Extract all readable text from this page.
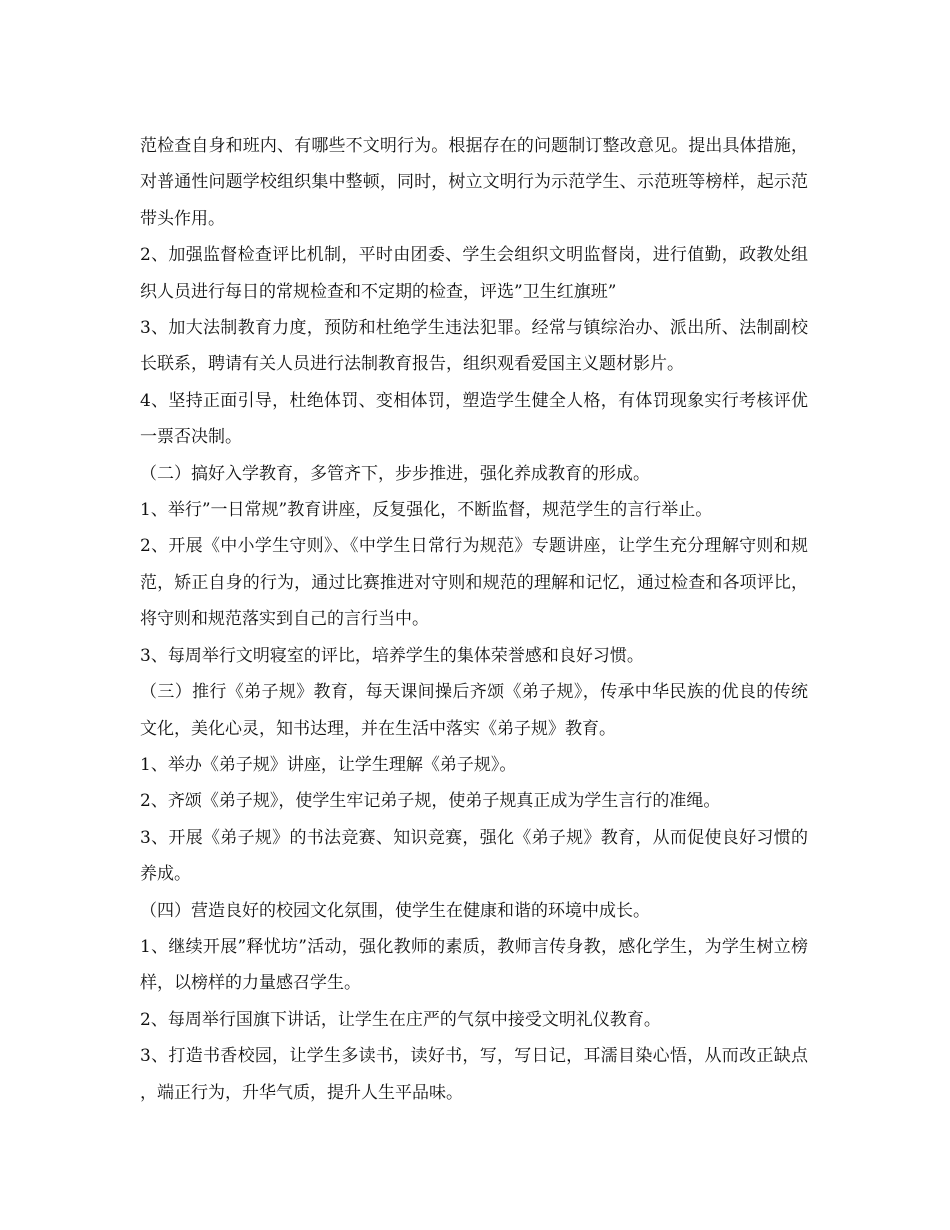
范检查自身和班内、有哪些不文明行为。根据存在的问题制订整改意见。提出具体措施，对普通性问题学校组织集中整顿，同时，树立文明行为示范学生、示范班等榜样，起示范带头作用。

2、加强监督检查评比机制，平时由团委、学生会组织文明监督岗，进行值勤，政教处组织人员进行每日的常规检查和不定期的检查，评选”卫生红旗班”

3、加大法制教育力度，预防和杜绝学生违法犯罪。经常与镇综治办、派出所、法制副校长联系，聘请有关人员进行法制教育报告，组织观看爱国主义题材影片。

4、坚持正面引导，杜绝体罚、变相体罚，塑造学生健全人格，有体罚现象实行考核评优一票否决制。

（二）搞好入学教育，多管齐下，步步推进，强化养成教育的形成。

1、举行”一日常规”教育讲座，反复强化，不断监督，规范学生的言行举止。

2、开展《中小学生守则》、《中学生日常行为规范》专题讲座，让学生充分理解守则和规范，矫正自身的行为，通过比赛推进对守则和规范的理解和记忆，通过检查和各项评比，将守则和规范落实到自己的言行当中。

3、每周举行文明寝室的评比，培养学生的集体荣誉感和良好习惯。

（三）推行《弟子规》教育，每天课间操后齐颂《弟子规》，传承中华民族的优良的传统文化，美化心灵，知书达理，并在生活中落实《弟子规》教育。

1、举办《弟子规》讲座，让学生理解《弟子规》。

2、齐颂《弟子规》，使学生牢记弟子规，使弟子规真正成为学生言行的准绳。

3、开展《弟子规》的书法竞赛、知识竞赛，强化《弟子规》教育，从而促使良好习惯的养成。

（四）营造良好的校园文化氛围，使学生在健康和谐的环境中成长。

1、继续开展”释忧坊”活动，强化教师的素质，教师言传身教，感化学生，为学生树立榜样，以榜样的力量感召学生。

2、每周举行国旗下讲话，让学生在庄严的气氛中接受文明礼仪教育。

3、打造书香校园，让学生多读书，读好书，写，写日记，耳濡目染心悟，从而改正缺点，端正行为，升华气质，提升人生平品味。
